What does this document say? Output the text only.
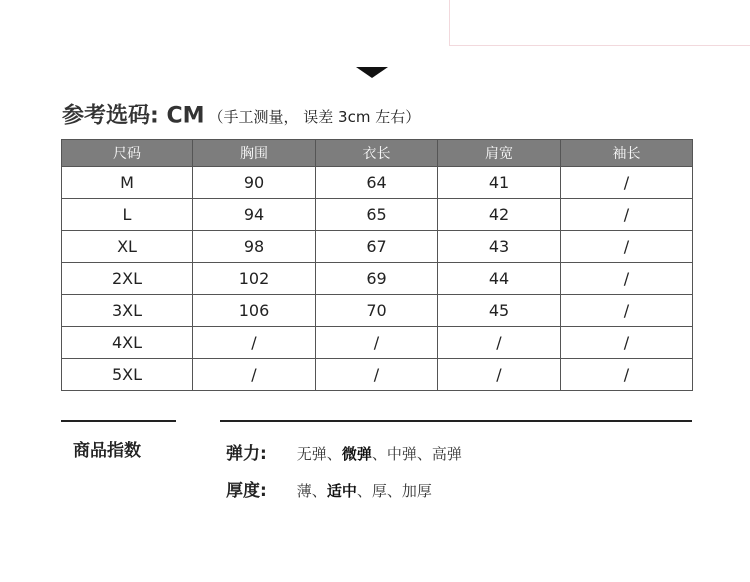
参考选码: CM （手工测量， 误差 3cm 左右）
尺码	胸围	衣长	肩宽	袖长
M	90	64	41	/
L	94	65	42	/
XL	98	67	43	/
2XL	102	69	44	/
3XL	106	70	45	/
4XL	/	/	/	/
5XL	/	/	/	/
商品指数	弹力: 无弹、微弹、中弹、高弹
厚度: 薄、适中、厚、加厚
